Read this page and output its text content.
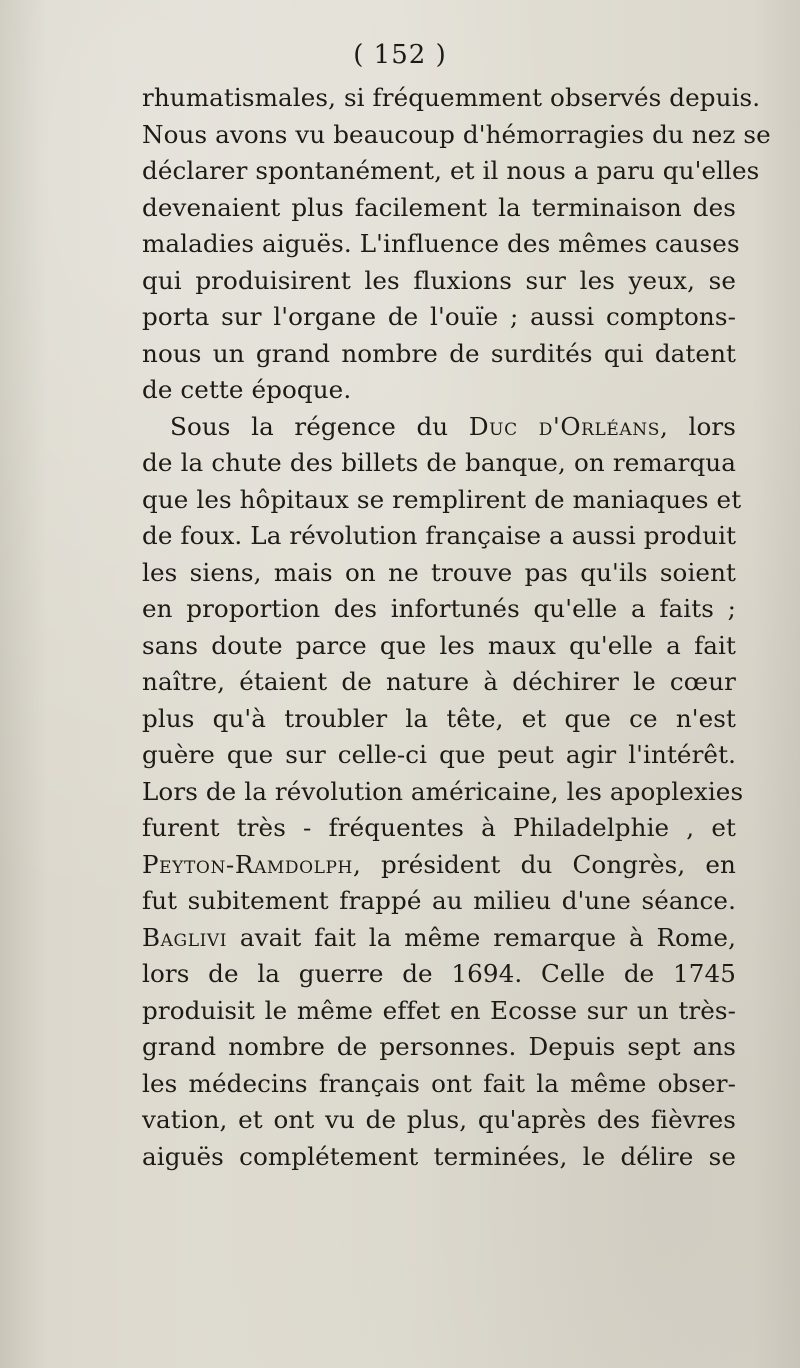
( 152 )
rhumatismales, si fréquemment observés depuis.
Nous avons vu beaucoup d'hémorragies du nez se
déclarer spontanément, et il nous a paru qu'elles
devenaient plus facilement la terminaison des
maladies aiguës. L'influence des mêmes causes
qui produisirent les fluxions sur les yeux, se
porta sur l'organe de l'ouïe ; aussi comptons-
nous un grand nombre de surdités qui datent
de cette époque.
Sous la régence du Duc d'Orléans, lors
de la chute des billets de banque, on remarqua
que les hôpitaux se remplirent de maniaques et
de foux. La révolution française a aussi produit
les siens, mais on ne trouve pas qu'ils soient
en proportion des infortunés qu'elle a faits ;
sans doute parce que les maux qu'elle a fait
naître, étaient de nature à déchirer le cœur
plus qu'à troubler la tête, et que ce n'est
guère que sur celle-ci que peut agir l'intérêt.
Lors de la révolution américaine, les apoplexies
furent très - fréquentes à Philadelphie , et
Peyton-Ramdolph, président du Congrès, en
fut subitement frappé au milieu d'une séance.
Baglivi avait fait la même remarque à Rome,
lors de la guerre de 1694. Celle de 1745
produisit le même effet en Ecosse sur un très-
grand nombre de personnes. Depuis sept ans
les médecins français ont fait la même obser-
vation, et ont vu de plus, qu'après des fièvres
aiguës complétement terminées, le délire se
